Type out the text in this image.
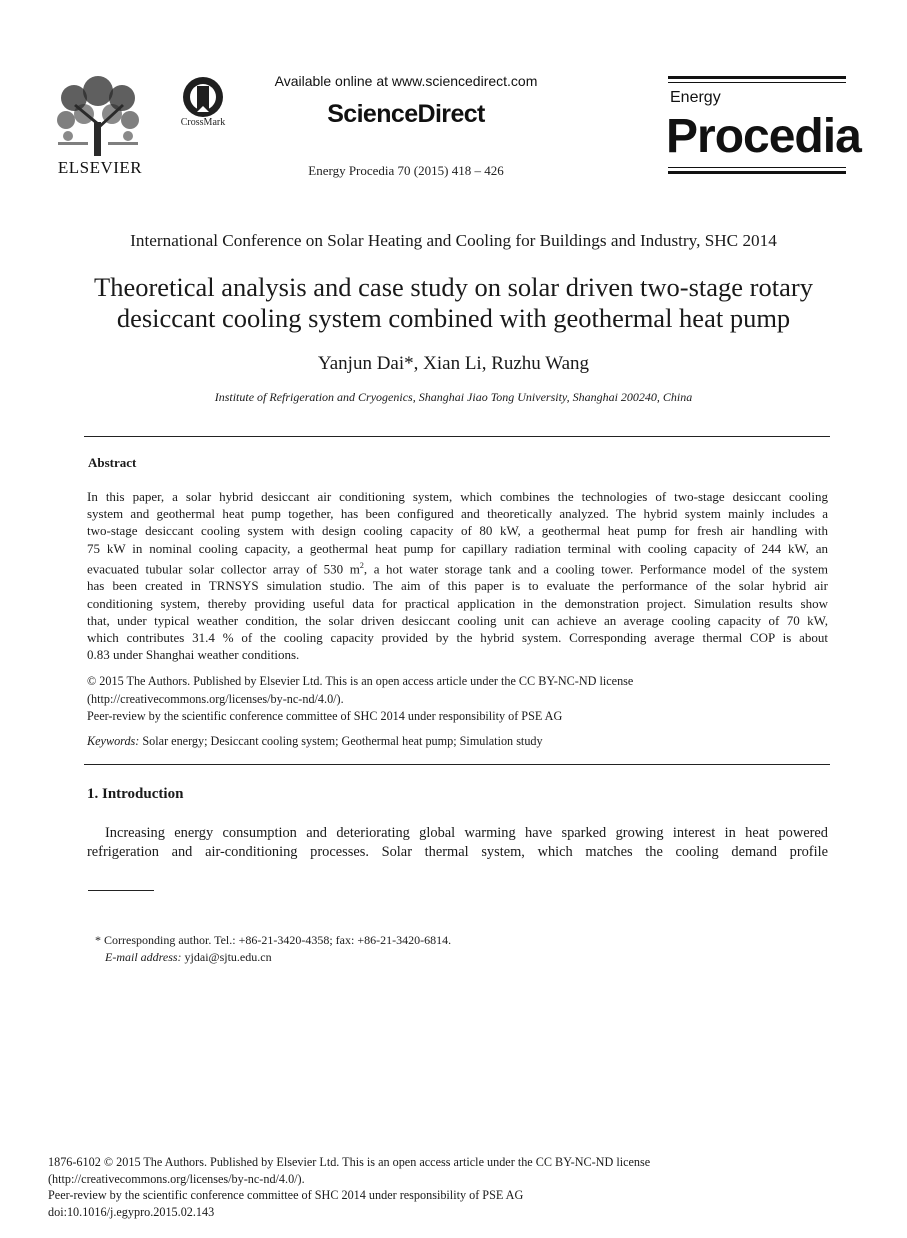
ELSEVIER
CrossMark
Available online at www.sciencedirect.com
ScienceDirect
Energy Procedia 70 (2015) 418 – 426
Energy
Procedia
International Conference on Solar Heating and Cooling for Buildings and Industry, SHC 2014
Theoretical analysis and case study on solar driven two-stage rotary
desiccant cooling system combined with geothermal heat pump
Yanjun Dai*, Xian Li, Ruzhu Wang
Institute of Refrigeration and Cryogenics, Shanghai Jiao Tong University, Shanghai 200240, China
Abstract
In this paper, a solar hybrid desiccant air conditioning system, which combines the technologies of two-stage desiccant cooling
system and geothermal heat pump together, has been configured and theoretically analyzed. The hybrid system mainly includes a
two-stage desiccant cooling system with design cooling capacity of 80 kW, a geothermal heat pump for fresh air handling with
75 kW in nominal cooling capacity, a geothermal heat pump for capillary radiation terminal with cooling capacity of 244 kW, an
evacuated tubular solar collector array of 530 $m^2$, a hot water storage tank and a cooling tower. Performance model of the system
has been created in TRNSYS simulation studio. The aim of this paper is to evaluate the performance of the solar hybrid air
conditioning system, thereby providing useful data for practical application in the demonstration project. Simulation results show
that, under typical weather condition, the solar driven desiccant cooling unit can achieve an average cooling capacity of 70 kW,
which contributes 31.4 % of the cooling capacity provided by the hybrid system. Corresponding average thermal COP is about
0.83 under Shanghai weather conditions.
© 2015 The Authors. Published by Elsevier Ltd. This is an open access article under the CC BY-NC-ND license
(http://creativecommons.org/licenses/by-nc-nd/4.0/).
Peer-review by the scientific conference committee of SHC 2014 under responsibility of PSE AG
Keywords: Solar energy; Desiccant cooling system; Geothermal heat pump; Simulation study
1. Introduction
Increasing energy consumption and deteriorating global warming have sparked growing interest in heat powered
refrigeration and air-conditioning processes. Solar thermal system, which matches the cooling demand profile
* Corresponding author. Tel.: +86-21-3420-4358; fax: +86-21-3420-6814.
E-mail address: yjdai@sjtu.edu.cn
1876-6102 © 2015 The Authors. Published by Elsevier Ltd. This is an open access article under the CC BY-NC-ND license
(http://creativecommons.org/licenses/by-nc-nd/4.0/).
Peer-review by the scientific conference committee of SHC 2014 under responsibility of PSE AG
doi:10.1016/j.egypro.2015.02.143
